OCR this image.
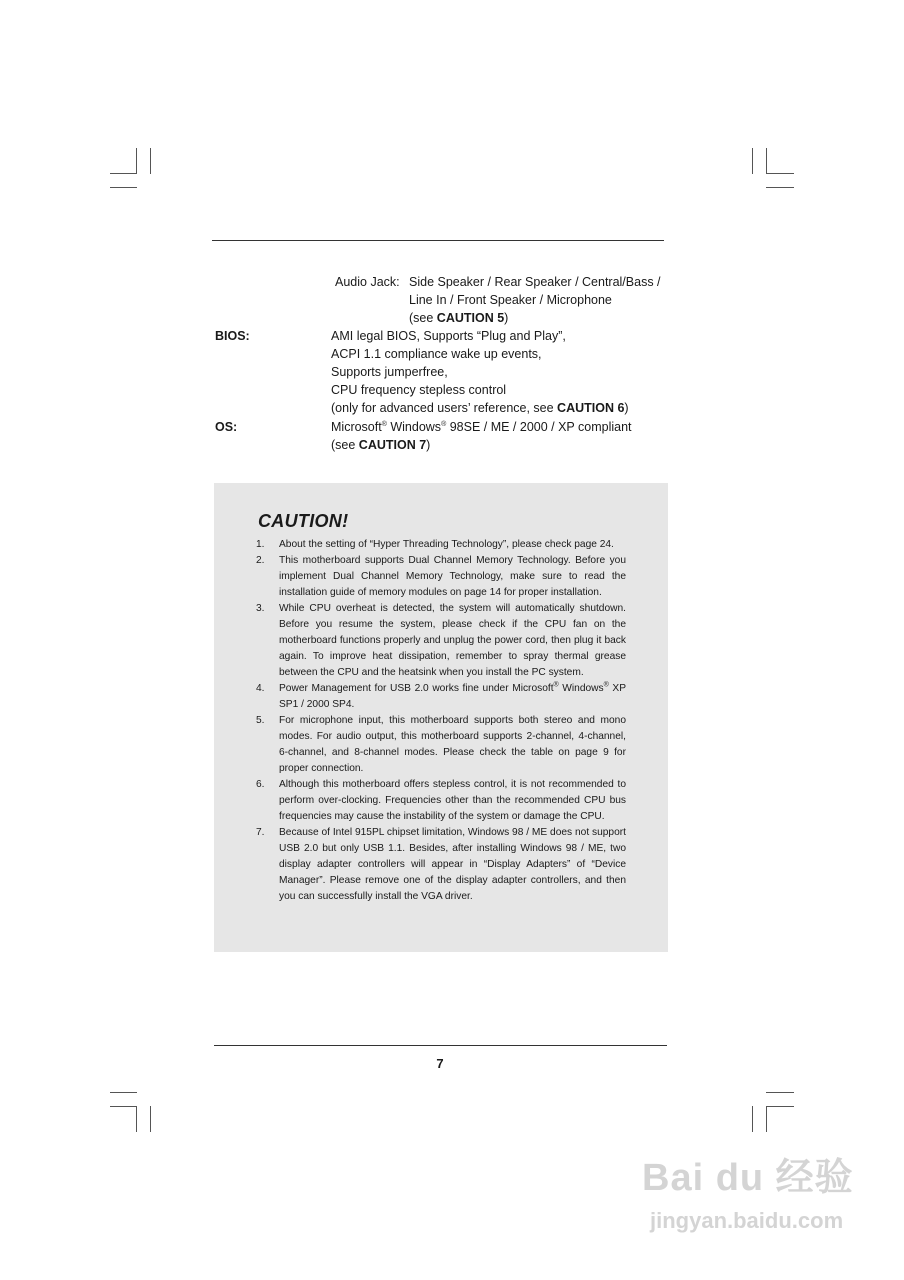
Audio Jack: Side Speaker / Rear Speaker / Central/Bass /
Line In / Front Speaker / Microphone
(see CAUTION 5)
BIOS:	AMI legal BIOS, Supports “Plug and Play”,
ACPI 1.1 compliance wake up events,
Supports jumperfree,
CPU frequency stepless control
(only for advanced users’ reference, see CAUTION 6)
OS:	Microsoft® Windows® 98SE / ME / 2000 / XP compliant
(see CAUTION 7)
CAUTION!
1. About the setting of “Hyper Threading Technology”, please check page 24.
2. This motherboard supports Dual Channel Memory Technology. Before you implement Dual Channel Memory Technology, make sure to read the installation guide of memory modules on page 14 for proper installation.
3. While CPU overheat is detected, the system will automatically shutdown. Before you resume the system, please check if the CPU fan on the motherboard functions properly and unplug the power cord, then plug it back again. To improve heat dissipation, remember to spray thermal grease between the CPU and the heatsink when you install the PC system.
4. Power Management for USB 2.0 works fine under Microsoft® Windows® XP SP1 / 2000 SP4.
5. For microphone input, this motherboard supports both stereo and mono modes. For audio output, this motherboard supports 2-channel, 4-channel, 6-channel, and 8-channel modes. Please check the table on page 9 for proper connection.
6. Although this motherboard offers stepless control, it is not recommended to perform over-clocking. Frequencies other than the recommended CPU bus frequencies may cause the instability of the system or damage the CPU.
7. Because of Intel 915PL chipset limitation, Windows 98 / ME does not support USB 2.0 but only USB 1.1. Besides, after installing Windows 98 / ME, two display adapter controllers will appear in “Display Adapters” of “Device Manager”. Please remove one of the display adapter controllers, and then you can successfully install the VGA driver.
7
Bai du 经验
jingyan.baidu.com
